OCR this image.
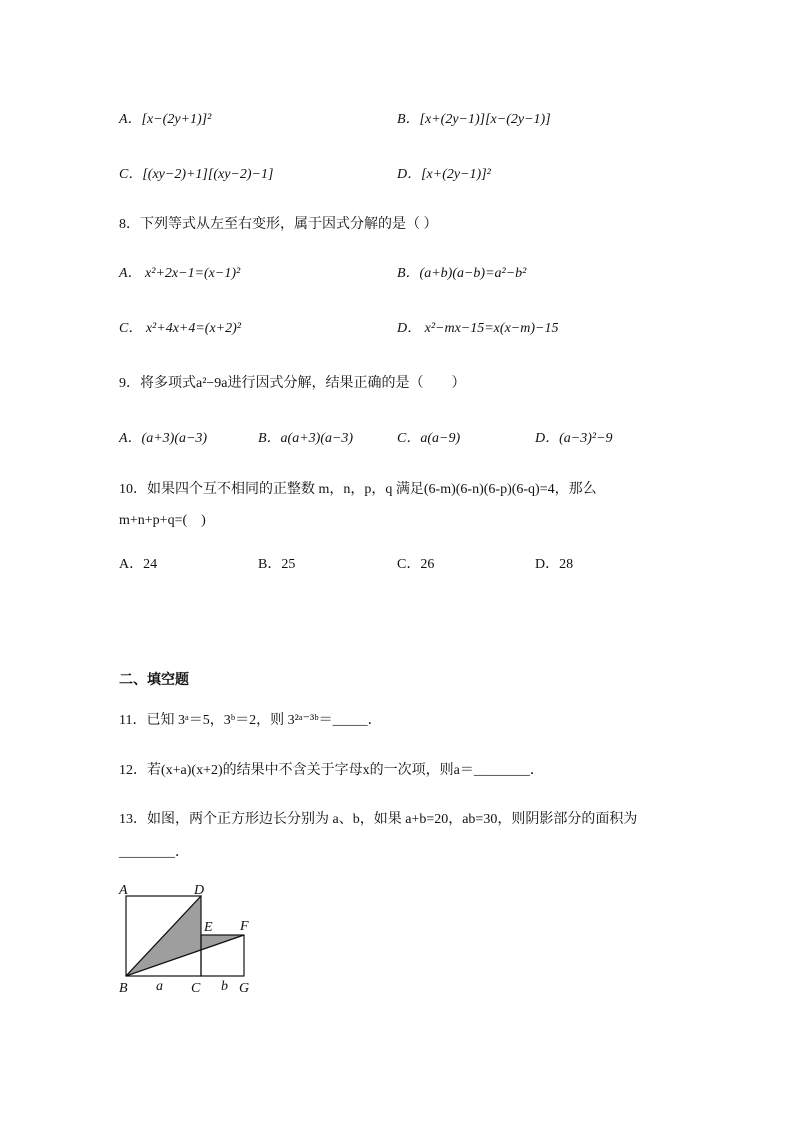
A．[x−(2y+1)]²	B．[x+(2y−1)][x−(2y−1)]
C．[(xy−2)+1][(xy−2)−1]	D．[x+(2y−1)]²
8．下列等式从左至右变形，属于因式分解的是（ ）
A． x²+2x−1=(x−1)²	B．(a+b)(a−b)=a²−b²
C． x²+4x+4=(x+2)²	D． x²−mx−15=x(x−m)−15
9．将多项式a²−9a进行因式分解，结果正确的是（　　）
A．(a+3)(a−3)	B．a(a+3)(a−3)	C．a(a−9)	D．(a−3)²−9
10．如果四个互不相同的正整数 m，n，p，q 满足(6-m)(6-n)(6-p)(6-q)=4，那么
m+n+p+q=(　)
A．24	B．25	C．26	D．28
二、填空题
11．已知 3ᵃ＝5，3ᵇ＝2，则 3²ᵃ⁻³ᵇ＝_____．
12．若(x+a)(x+2)的结果中不含关于字母x的一次项，则a＝________．
13．如图，两个正方形边长分别为 a、b，如果 a+b=20，ab=30，则阴影部分的面积为
________．
A	D
E F
B	C	G
a	b
